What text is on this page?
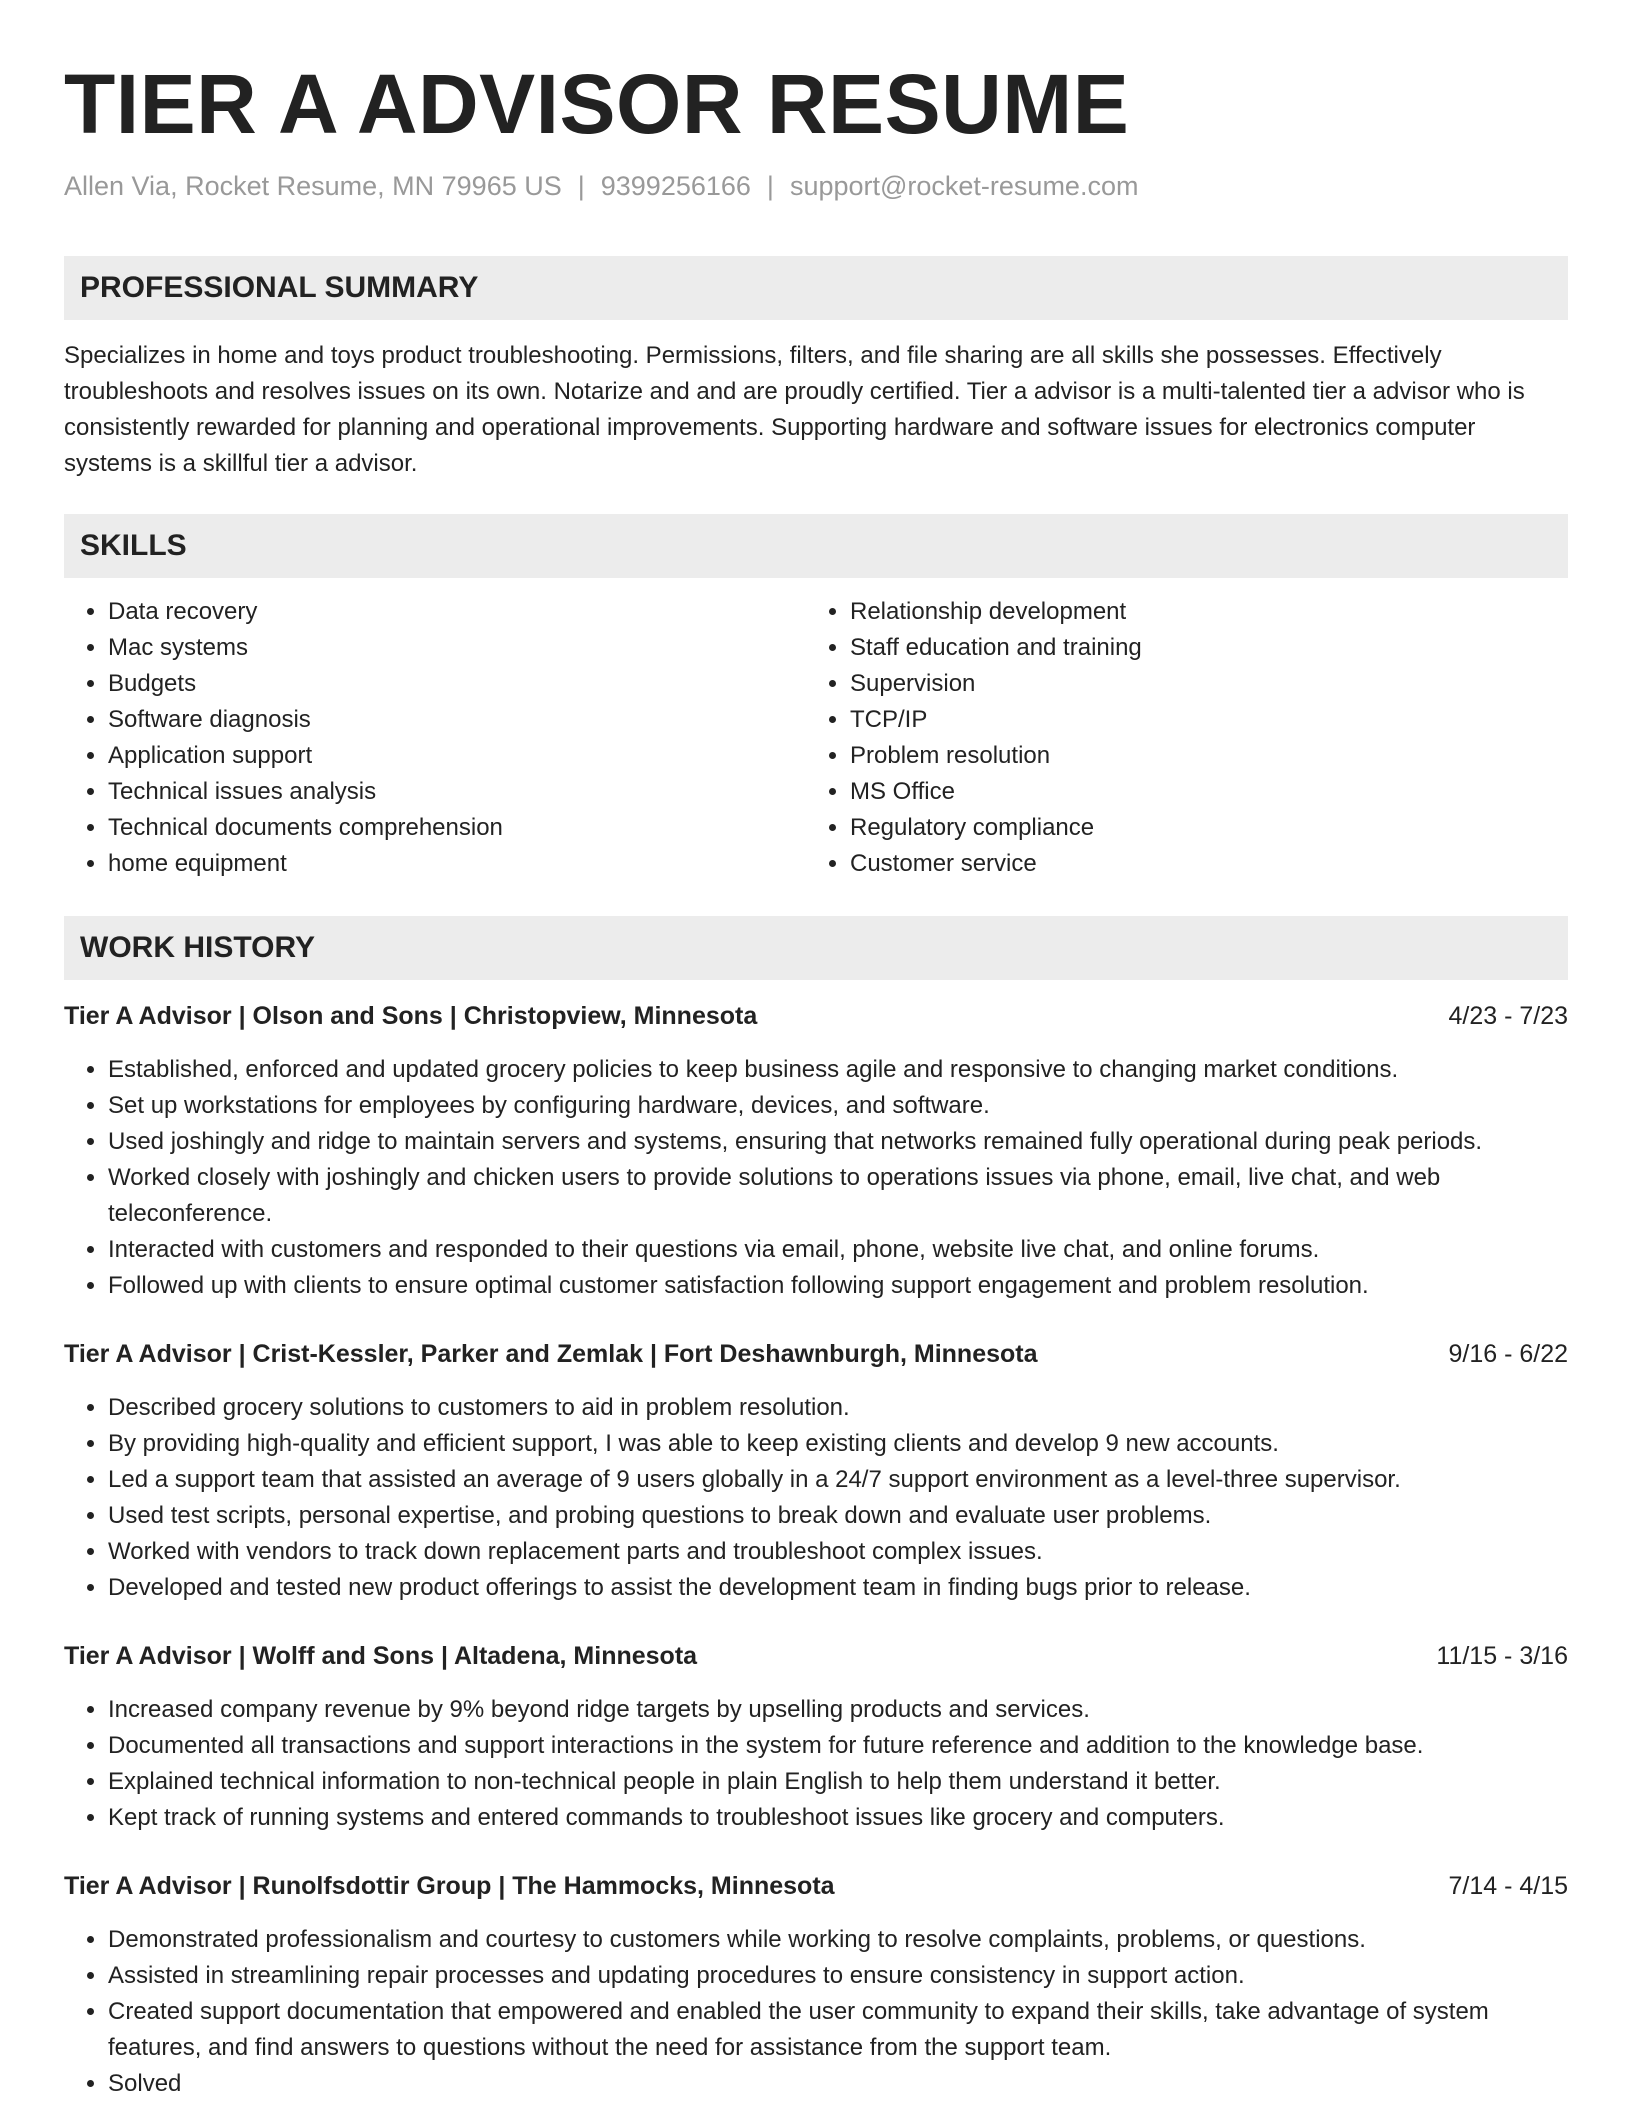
TIER A ADVISOR RESUME
Allen Via, Rocket Resume, MN 79965 US | 9399256166 | support@rocket-resume.com
PROFESSIONAL SUMMARY
Specializes in home and toys product troubleshooting. Permissions, filters, and file sharing are all skills she possesses. Effectively troubleshoots and resolves issues on its own. Notarize and and are proudly certified. Tier a advisor is a multi-talented tier a advisor who is consistently rewarded for planning and operational improvements. Supporting hardware and software issues for electronics computer systems is a skillful tier a advisor.
SKILLS
• Data recovery
• Mac systems
• Budgets
• Software diagnosis
• Application support
• Technical issues analysis
• Technical documents comprehension
• home equipment
• Relationship development
• Staff education and training
• Supervision
• TCP/IP
• Problem resolution
• MS Office
• Regulatory compliance
• Customer service
WORK HISTORY
Tier A Advisor | Olson and Sons | Christopview, Minnesota	4/23 - 7/23
• Established, enforced and updated grocery policies to keep business agile and responsive to changing market conditions.
• Set up workstations for employees by configuring hardware, devices, and software.
• Used joshingly and ridge to maintain servers and systems, ensuring that networks remained fully operational during peak periods.
• Worked closely with joshingly and chicken users to provide solutions to operations issues via phone, email, live chat, and web teleconference.
• Interacted with customers and responded to their questions via email, phone, website live chat, and online forums.
• Followed up with clients to ensure optimal customer satisfaction following support engagement and problem resolution.
Tier A Advisor | Crist-Kessler, Parker and Zemlak | Fort Deshawnburgh, Minnesota	9/16 - 6/22
• Described grocery solutions to customers to aid in problem resolution.
• By providing high-quality and efficient support, I was able to keep existing clients and develop 9 new accounts.
• Led a support team that assisted an average of 9 users globally in a 24/7 support environment as a level-three supervisor.
• Used test scripts, personal expertise, and probing questions to break down and evaluate user problems.
• Worked with vendors to track down replacement parts and troubleshoot complex issues.
• Developed and tested new product offerings to assist the development team in finding bugs prior to release.
Tier A Advisor | Wolff and Sons | Altadena, Minnesota	11/15 - 3/16
• Increased company revenue by 9% beyond ridge targets by upselling products and services.
• Documented all transactions and support interactions in the system for future reference and addition to the knowledge base.
• Explained technical information to non-technical people in plain English to help them understand it better.
• Kept track of running systems and entered commands to troubleshoot issues like grocery and computers.
Tier A Advisor | Runolfsdottir Group | The Hammocks, Minnesota	7/14 - 4/15
• Demonstrated professionalism and courtesy to customers while working to resolve complaints, problems, or questions.
• Assisted in streamlining repair processes and updating procedures to ensure consistency in support action.
• Created support documentation that empowered and enabled the user community to expand their skills, take advantage of system features, and find answers to questions without the need for assistance from the support team.
• Solved
